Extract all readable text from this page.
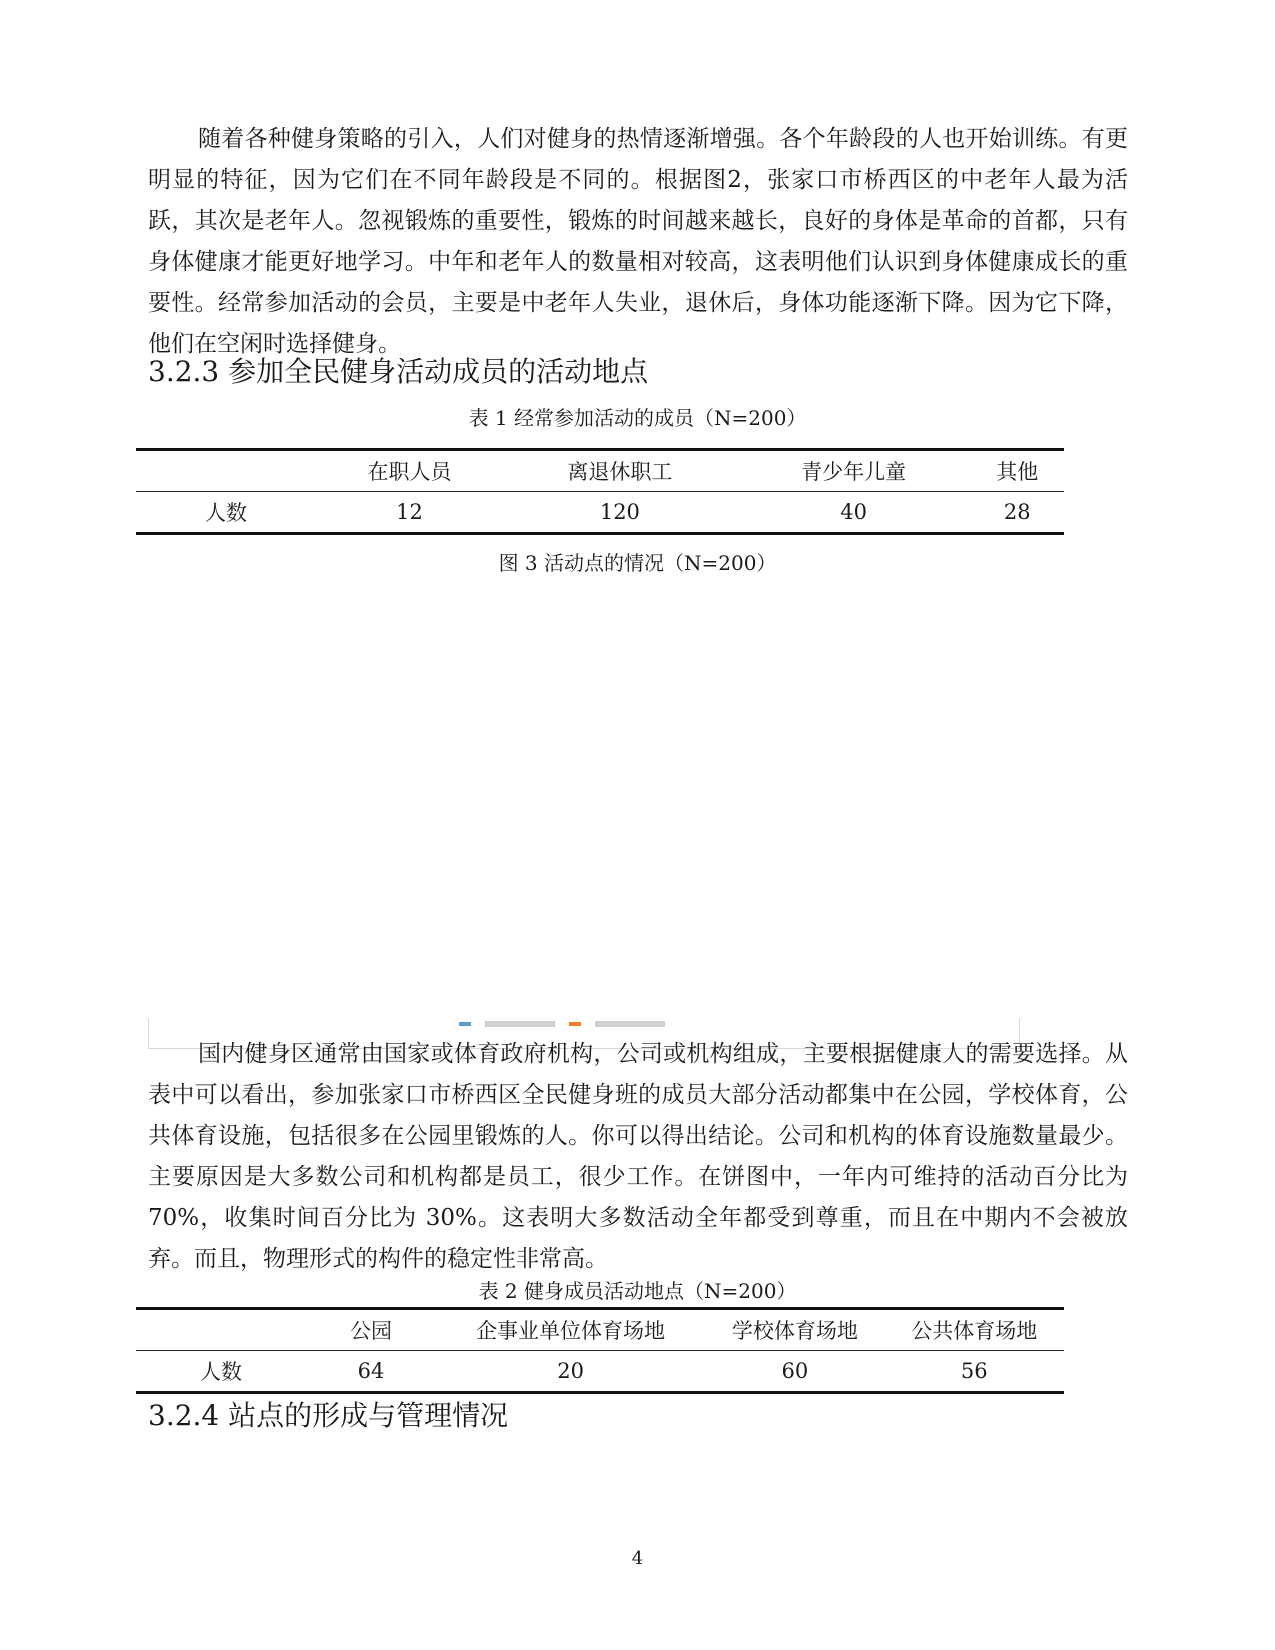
随着各种健身策略的引入，人们对健身的热情逐渐增强。各个年龄段的人也开始训练。有更明显的特征，因为它们在不同年龄段是不同的。根据图2，张家口市桥西区的中老年人最为活跃，其次是老年人。忽视锻炼的重要性，锻炼的时间越来越长，良好的身体是革命的首都，只有身体健康才能更好地学习。中年和老年人的数量相对较高，这表明他们认识到身体健康成长的重要性。经常参加活动的会员，主要是中老年人失业，退休后，身体功能逐渐下降。因为它下降，他们在空闲时选择健身。

3.2.3 参加全民健身活动成员的活动地点

表 1 经常参加活动的成员（N=200）

	在职人员	离退休职工	青少年儿童	其他
人数	12	120	40	28

图 3 活动点的情况（N=200）

国内健身区通常由国家或体育政府机构，公司或机构组成，主要根据健康人的需要选择。从表中可以看出，参加张家口市桥西区全民健身班的成员大部分活动都集中在公园，学校体育，公共体育设施，包括很多在公园里锻炼的人。你可以得出结论。公司和机构的体育设施数量最少。主要原因是大多数公司和机构都是员工，很少工作。在饼图中，一年内可维持的活动百分比为 70%，收集时间百分比为 30%。这表明大多数活动全年都受到尊重，而且在中期内不会被放弃。而且，物理形式的构件的稳定性非常高。

表 2 健身成员活动地点（N=200）

	公园	企事业单位体育场地	学校体育场地	公共体育场地
人数	64	20	60	56
3.2.4 站点的形成与管理情况
4
